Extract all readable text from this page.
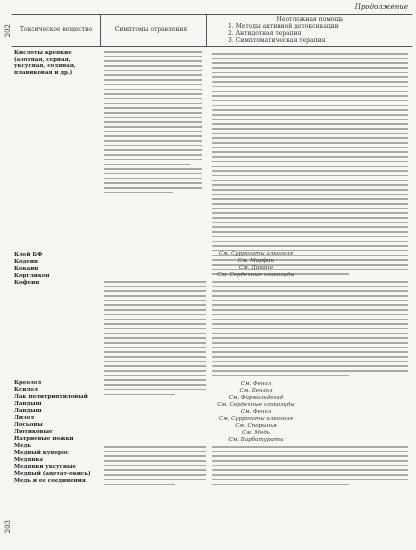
202
Продолжение
Токсическое вещество	Симптомы отравления
Неотложная помощь
1. Методы активной детоксикации
2. Антидотная терапия
3. Симптоматическая терапия
Кислоты крепкие (азотная, серная, уксусная, соляная, плавиковая и др.)
Клей БФ
Кодеин
Кокаин
Коргликон
Кофеин
См. Суррогаты алкоголя
См. Морфин
См. Дикаин
См. Сердечные гликозиды
Креозол
Ксилол
Лак политриптиловый
Ландыш
Ландыш
Лизол
Лосьоны
Лютиковые
Натриевые ножки
Медь
Медный купорос
Медянка
Медянки уксусные
Медный (ацетат-окись)
Медь и ее соединения
См. Фенол
См. Бензол
См. Формальдегид
См. Сердечные гликозиды
См. Фенол
См. Суррогаты алкоголя
См. Спорынья
См. Медь
См. Барбитураты
203
